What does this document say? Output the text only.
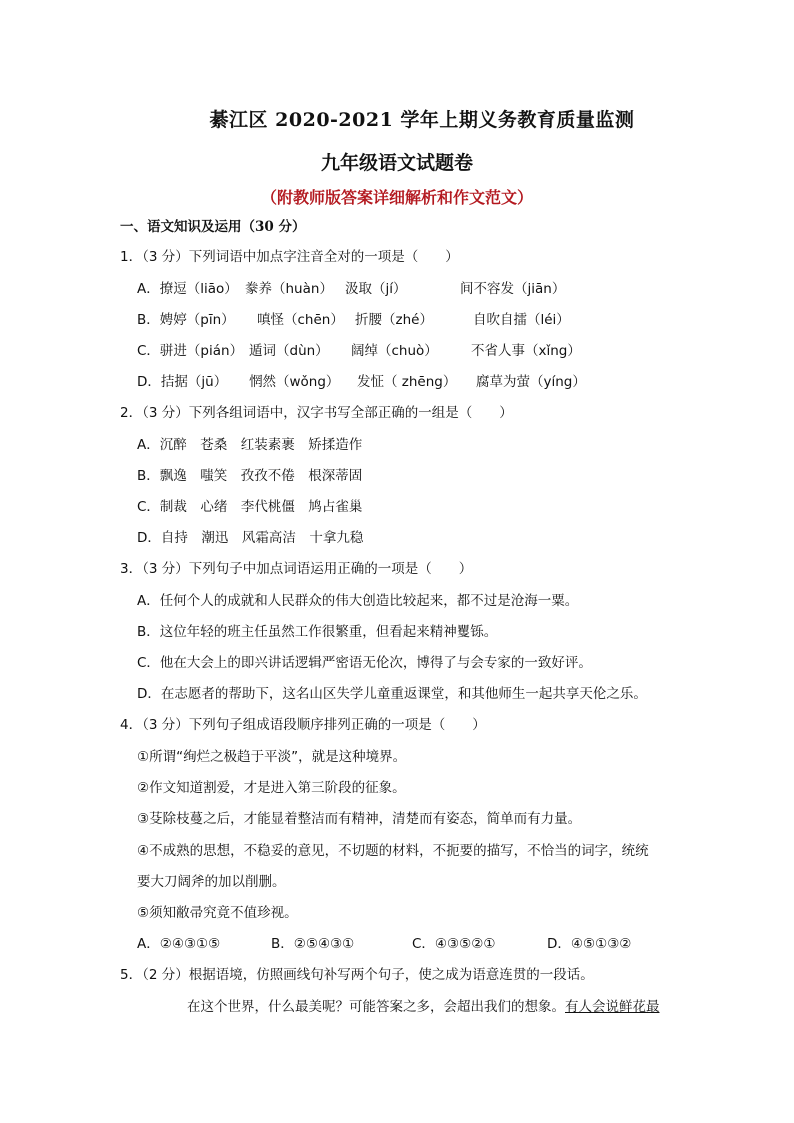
綦江区 2020-2021 学年上期义务教育质量监测
九年级语文试题卷
（附教师版答案详细解析和作文范文）
一、语文知识及运用（30 分）
1．（3 分）下列词语中加点字注音全对的一项是（　　）
A．撩逗（liāo） 豢养（huàn） 汲取（jí）	间不容发（jiān）
B．娉婷（pīn） 嗔怪（chēn） 折腰（zhé）	自吹自擂（léi）
C．骈进（pián） 遁词（dùn） 阔绰（chuò） 不省人事（xǐng）
D．拮据（jū） 惘然（wǒng） 发怔（ zhēng） 腐草为萤（yíng）
2．（3 分）下列各组词语中，汉字书写全部正确的一组是（　　）
A．沉醉　苍桑　红装素裹　矫揉造作
B．飘逸　嗤笑　孜孜不倦　根深蒂固
C．制裁　心绪　李代桃僵　鸠占雀巢
D．自持　潮迅　风霜高洁　十拿九稳
3．（3 分）下列句子中加点词语运用正确的一项是（　　）
A．任何个人的成就和人民群众的伟大创造比较起来，都不过是沧海一粟。
B．这位年轻的班主任虽然工作很繁重，但看起来精神矍铄。
C．他在大会上的即兴讲话逻辑严密语无伦次，博得了与会专家的一致好评。
D．在志愿者的帮助下，这名山区失学儿童重返课堂，和其他师生一起共享天伦之乐。
4．（3 分）下列句子组成语段顺序排列正确的一项是（　　）
①所谓“绚烂之极趋于平淡”，就是这种境界。
②作文知道割爱，才是进入第三阶段的征象。
③芟除枝蔓之后，才能显着整洁而有精神，清楚而有姿态，简单而有力量。
④不成熟的思想，不稳妥的意见，不切题的材料，不扼要的描写，不恰当的词字，统统
要大刀阔斧的加以削删。
⑤须知敝帚究竟不值珍视。
A．②④③①⑤	B．②⑤④③①	C．④③⑤②①	D．④⑤①③②
5．（2 分）根据语境，仿照画线句补写两个句子，使之成为语意连贯的一段话。
在这个世界，什么最美呢？可能答案之多，会超出我们的想象。有人会说鲜花最
